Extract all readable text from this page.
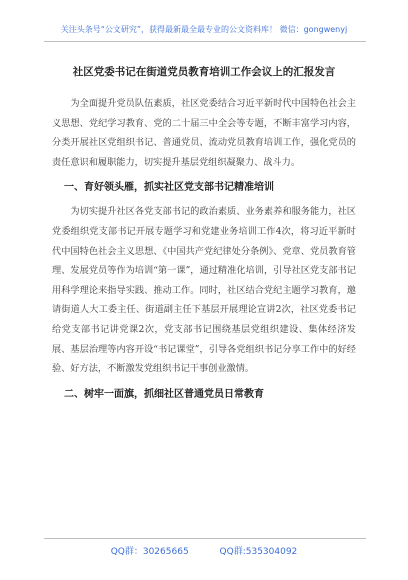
关注头条号“公文研究”，获得最新最全最专业的公文资料库！ 微信：gongwenyj
社区党委书记在街道党员教育培训工作会议上的汇报发言

为全面提升党员队伍素质，社区党委结合习近平新时代中国特色社会主义思想、党纪学习教育、党的二十届三中全会等专题，不断丰富学习内容，分类开展社区党组织书记、普通党员、流动党员教育培训工作，强化党员的责任意识和履职能力，切实提升基层党组织凝聚力、战斗力。

一、育好领头雁，抓实社区党支部书记精准培训

为切实提升社区各党支部书记的政治素质、业务素养和服务能力，社区党委组织党支部书记开展专题学习和党建业务培训工作4次，将习近平新时代中国特色社会主义思想、《中国共产党纪律处分条例》、党章、党员教育管理、发展党员等作为培训“第一课”，通过精准化培训，引导社区党支部书记用科学理论来指导实践、推动工作。同时，社区结合党纪主题学习教育，邀请街道人大工委主任、街道副主任下基层开展理论宣讲2次，社区党委书记给党支部书记讲党课2次，党支部书记围绕基层党组织建设、集体经济发展、基层治理等内容开设“书记课堂”，引导各党组织书记分享工作中的好经验、好方法，不断激发党组织书记干事创业激情。

二、树牢一面旗，抓细社区普通党员日常教育
QQ群：30265665	QQ群:535304092
